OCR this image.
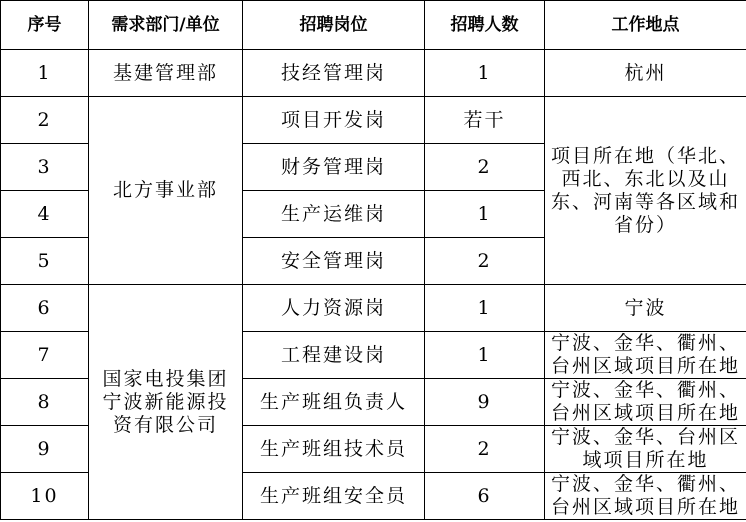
序号	需求部门/单位	招聘岗位	招聘人数	工作地点
1	基建管理部	技经管理岗	1	杭州
2	北方事业部	项目开发岗	若干	项目所在地（华北、西北、东北以及山东、河南等各区域和省份）
3		财务管理岗	2	
4		生产运维岗	1	
5		安全管理岗	2	
6	国家电投集团宁波新能源投资有限公司	人力资源岗	1	宁波
7		工程建设岗	1	宁波、金华、衢州、台州区域项目所在地
8		生产班组负责人	9	宁波、金华、衢州、台州区域项目所在地
9		生产班组技术员	2	宁波、金华、台州区域项目所在地
10		生产班组安全员	6	宁波、金华、衢州、台州区域项目所在地
